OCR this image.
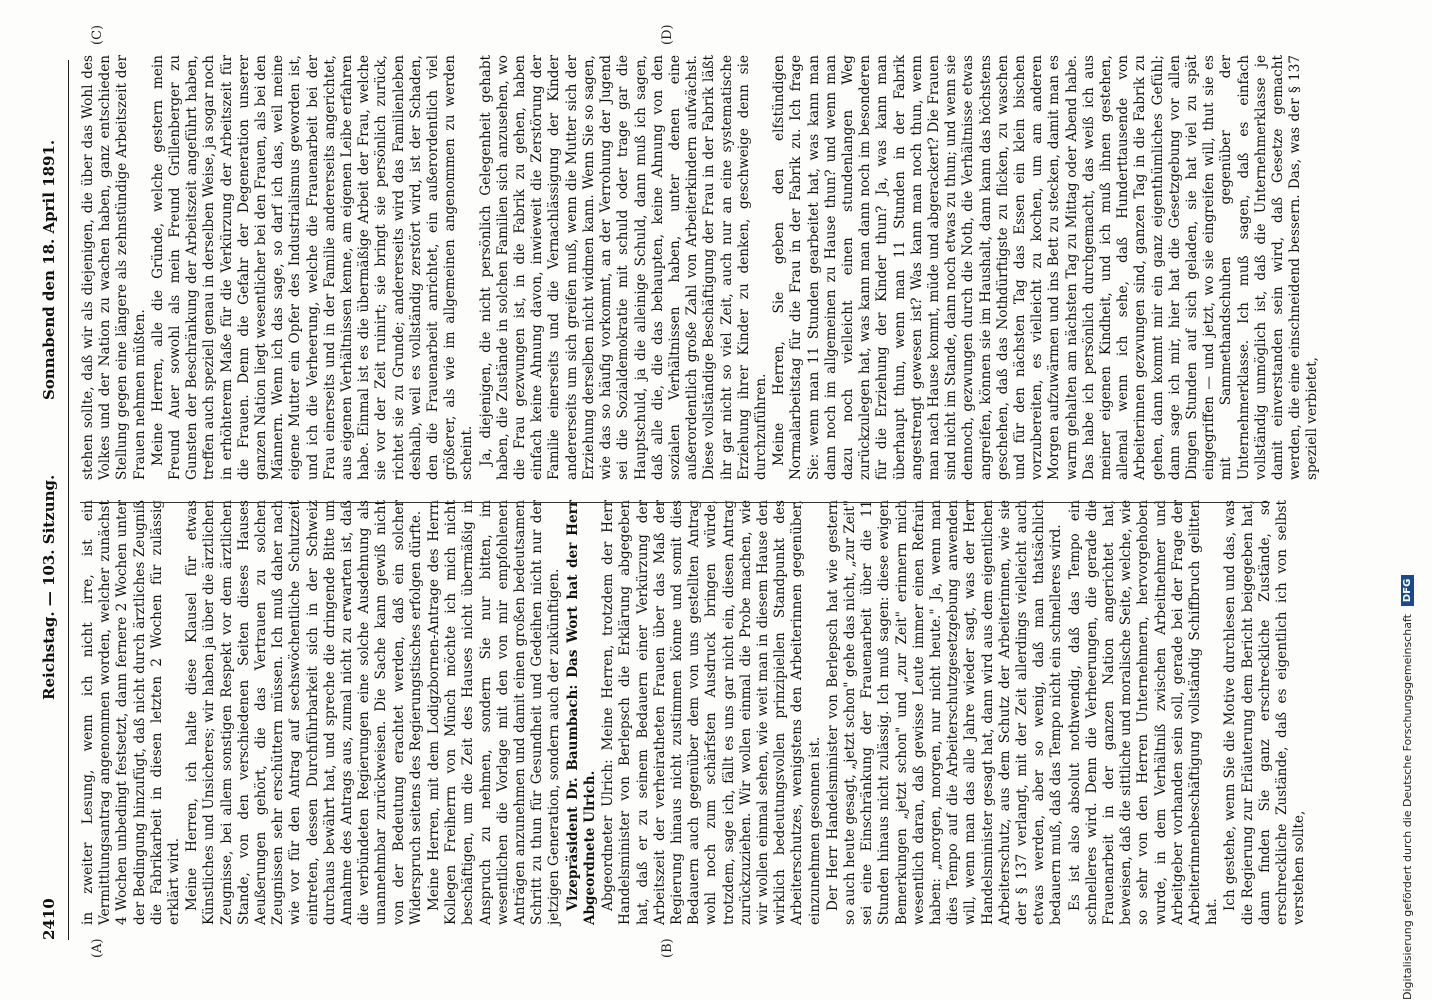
2410
Reichstag. — 103. Sitzung.
Sonnabend den 18. April 1891.
(A)	(B)
(C)	(D)

in zweiter Lesung, wenn ich nicht irre, ist ein Vermittlungsantrag angenommen worden, welcher zunächst 4 Wochen unbedingt festsetzt, dann fernere 2 Wochen unter der Bedingung hinzufügt, daß nicht durch ärztliches Zeugniß die Fabrikarbeit in diesen letzten 2 Wochen für zulässig erklärt wird. Meine Herren, ich halte diese Klausel für etwas Künstliches und Unsicheres; wir haben ja über die ärztlichen Zeugnisse, bei allem sonstigen Respekt vor dem ärztlichen Stande, von den verschiedenen Seiten dieses Hauses Aeußerungen gehört, die das Vertrauen zu solchen Zeugnissen sehr erschüttern müssen. Ich muß daher nach wie vor für den Antrag auf sechswöchentliche Schutzzeit eintreten, dessen Durchführbarkeit sich in der Schweiz durchaus bewährt hat, und spreche die dringende Bitte um Annahme des Antrags aus, zumal nicht zu erwarten ist, daß die verbündeten Regierungen eine solche Ausdehnung als unannehmbar zurückweisen. Die Sache kann gewiß nicht von der Bedeutung erachtet werden, daß ein solcher Widerspruch seitens des Regierungstisches erfolgen dürfte. Meine Herren, mit dem Lodigzbornen-Antrage des Herrn Kollegen Freiherrn von Münch möchte ich mich nicht beschäftigen, um die Zeit des Hauses nicht übermäßig in Anspruch zu nehmen, sondern Sie nur bitten, im wesentlichen die Vorlage mit den von mir empfohlenen Anträgen anzunehmen und damit einen großen bedeutsamen Schritt zu thun für Gesundheit und Gedeihen nicht nur der jetzigen Generation, sondern auch der zukünftigen. Vizepräsident Dr. Baumbach: Das Wort hat der Herr Abgeordnete Ulrich. Abgeordneter Ulrich: Meine Herren, trotzdem der Herr Handelsminister von Berlepsch die Erklärung abgegeben hat, daß er zu seinem Bedauern einer Verkürzung der Arbeitszeit der verheiratheten Frauen über das Maß der Regierung hinaus nicht zustimmen könne und somit dies Bedauern auch gegenüber dem von uns gestellten Antrag wohl noch zum schärfsten Ausdruck bringen würde, trotzdem, sage ich, fällt es uns gar nicht ein, diesen Antrag zurückzuziehen. Wir wollen einmal die Probe machen, wie wir wollen einmal sehen, wie weit man in diesem Hause den wirklich bedeutungsvollen prinzipiellen Standpunkt des Arbeiterschutzes, wenigstens den Arbeiterinnen gegenüber, einzunehmen gesonnen ist. Der Herr Handelsminister von Berlepsch hat wie gestern so auch heute gesagt, „jetzt schon" gehe das nicht, „zur Zeit" sei eine Einschränkung der Frauenarbeit über die 11 Stunden hinaus nicht zulässig. Ich muß sagen: diese ewigen Bemerkungen „jetzt schon" und „zur Zeit" erinnern mich wesentlich daran, daß gewisse Leute immer einen Refrain haben: „morgen, morgen, nur nicht heute." Ja, wenn man dies Tempo auf die Arbeiterschutzgesetzgebung anwenden will, wenn man das alle Jahre wieder sagt, was der Herr Handelsminister gesagt hat, dann wird aus dem eigentlichen Arbeiterschutz, aus dem Schutz der Arbeiterinnen, wie sie der § 137 verlangt, mit der Zeit allerdings vielleicht auch etwas werden, aber so wenig, daß man thatsächlich bedauern muß, daß das Tempo nicht ein schnelleres wird. Es ist also absolut nothwendig, daß das Tempo ein schnelleres wird. Denn die Verheerungen, die gerade die Frauenarbeit in der ganzen Nation angerichtet hat, beweisen, daß die sittliche und moralische Seite, welche, wie so sehr von den Herren Unternehmern, hervorgehoben wurde, in dem Verhältniß zwischen Arbeitnehmer und Arbeitgeber vorhanden sein soll, gerade bei der Frage der Arbeiterinnenbeschäftigung vollständig Schiffbruch gelitten hat.

Ich gestehe, wenn Sie die Motive durchlesen und das, was die Regierung zur Erläuterung dem Bericht beigegeben hat, dann finden Sie ganz erschreckliche Zustände, so erschreckliche Zustände, daß es eigentlich ich von selbst verstehen sollte,

stehen sollte, daß wir als diejenigen, die über das Wohl des Volkes und der Nation zu wachen haben, ganz entschieden Stellung gegen eine längere als zehnstündige Arbeitszeit der Frauen nehmen müßten. Meine Herren, alle die Gründe, welche gestern mein Freund Auer sowohl als mein Freund Grillenberger zu Gunsten der Beschränkung der Arbeitszeit angeführt haben, treffen auch speziell genau in derselben Weise, ja sogar noch in erhöhterem Maße für die Verkürzung der Arbeitszeit für die Frauen. Denn die Gefahr der Degeneration unserer ganzen Nation liegt wesentlicher bei den Frauen, als bei den Männern. Wenn ich das sage, so darf ich das, weil meine eigene Mutter ein Opfer des Industrialismus geworden ist, und ich die Verheerung, welche die Frauenarbeit bei der Frau einerseits und in der Familie andererseits angerichtet, aus eigenen Verhältnissen kenne, am eigenen Leibe erfahren habe. Einmal ist es die übermäßige Arbeit der Frau, welche sie vor der Zeit ruinirt; sie bringt sie persönlich zurück, richtet sie zu Grunde; andererseits wird das Familienleben deshalb, weil es vollständig zerstört wird, ist der Schaden, den die Frauenarbeit anrichtet, ein außerordentlich viel größerer, als wie im allgemeinen angenommen zu werden scheint. Ja, diejenigen, die nicht persönlich Gelegenheit gehabt haben, die Zustände in solchen Familien sich anzusehen, wo die Frau gezwungen ist, in die Fabrik zu gehen, haben einfach keine Ahnung davon, inwieweit die Zerstörung der Familie einerseits und die Vernachlässigung der Kinder andererseits um sich greifen muß, wenn die Mutter sich der Erziehung derselben nicht widmen kann. Wenn Sie so sagen, wie das so häufig vorkommt, an der Verrohung der Jugend sei die Sozialdemokratie mit schuld oder trage gar die Hauptschuld, ja die alleinige Schuld, dann muß ich sagen, daß alle die, die das behaupten, keine Ahnung von den sozialen Verhältnissen haben, unter denen eine außerordentlich große Zahl von Arbeiterkindern aufwächst. Diese vollständige Beschäftigung der Frau in der Fabrik läßt ihr gar nicht so viel Zeit, auch nur an eine systematische Erziehung ihrer Kinder zu denken, geschweige denn sie durchzuführen. Meine Herren, Sie geben den elfstündigen Normalarbeitstag für die Frau in der Fabrik zu. Ich frage Sie: wenn man 11 Stunden gearbeitet hat, was kann man dann noch im allgemeinen zu Hause thun? und wenn man dazu noch vielleicht einen stundenlangen Weg zurückzulegen hat, was kann man dann noch im besonderen für die Erziehung der Kinder thun? Ja, was kann man überhaupt thun, wenn man 11 Stunden in der Fabrik angestrengt gewesen ist? Was kann man noch thun, wenn man nach Hause kommt, müde und abgerackert? Die Frauen sind nicht im Stande, dann noch etwas zu thun; und wenn sie dennoch, gezwungen durch die Noth, die Verhältnisse etwas angreifen, können sie im Haushalt, dann kann das höchstens geschehen, daß das Nothdürftigste zu flicken, zu waschen und für den nächsten Tag das Essen ein klein bischen vorzubereiten, es vielleicht zu kochen, um am anderen Morgen aufzuwärmen und ins Bett zu stecken, damit man es warm gehalten am nächsten Tag zu Mittag oder Abend habe. Das habe ich persönlich durchgemacht, das weiß ich aus meiner eigenen Kindheit, und ich muß ihnen gestehen, allemal wenn ich sehe, daß Hunderttausende von Arbeiterinnen gezwungen sind, ganzen Tag in die Fabrik zu gehen, dann kommt mir ein ganz eigenthümliches Gefühl; dann sage ich mir, hier hat die Gesetzgebung vor allen Dingen Stunden auf sich geladen, sie hat viel zu spät eingegriffen — und jetzt, wo sie eingreifen will, thut sie es mit Sammethandschuhen gegenüber der Unternehmerklasse. Ich muß sagen, daß es einfach vollständig unmöglich ist, daß die Unternehmerklasse je damit einverstanden sein wird, daß Gesetze gemacht werden, die eine einschneidend bessern. Das, was der § 137 speziell verbietet,

Digitalisierung gefördert durch die Deutsche Forschungsgemeinschaft
DFG
